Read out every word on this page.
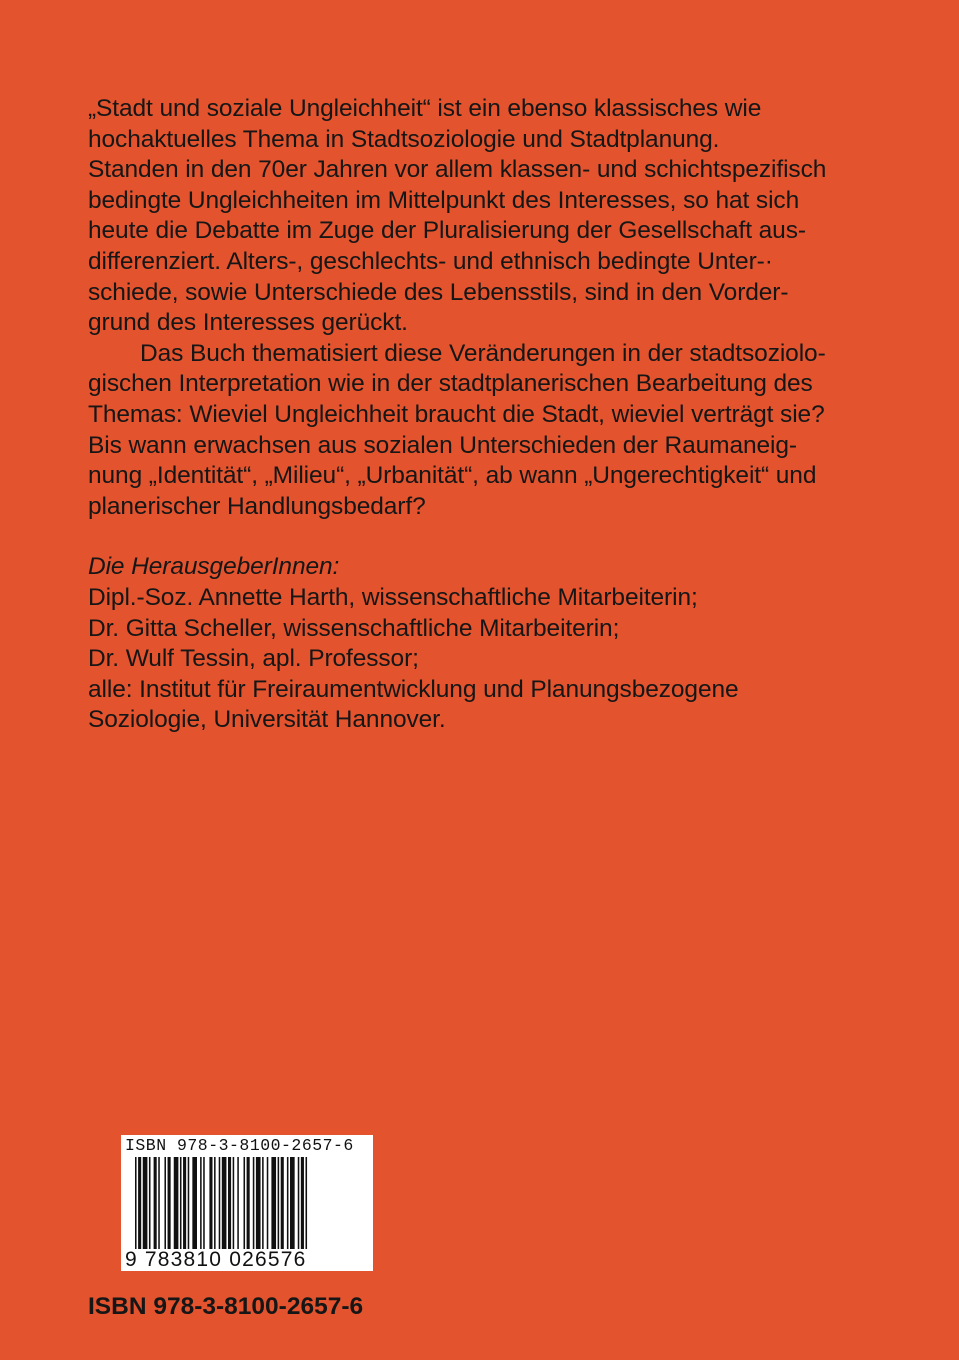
„Stadt und soziale Ungleichheit“ ist ein ebenso klassisches wie
hochaktuelles Thema in Stadtsoziologie und Stadtplanung.
Standen in den 70er Jahren vor allem klassen- und schichtspezifisch
bedingte Ungleichheiten im Mittelpunkt des Interesses, so hat sich
heute die Debatte im Zuge der Pluralisierung der Gesellschaft aus-
differenziert. Alters-, geschlechts- und ethnisch bedingte Unter-·
schiede, sowie Unterschiede des Lebensstils, sind in den Vorder-
grund des Interesses gerückt.
Das Buch thematisiert diese Veränderungen in der stadtsoziolo-
gischen Interpretation wie in der stadtplanerischen Bearbeitung des
Themas: Wieviel Ungleichheit braucht die Stadt, wieviel verträgt sie?
Bis wann erwachsen aus sozialen Unterschieden der Raumaneig-
nung „Identität“, „Milieu“, „Urbanität“, ab wann „Ungerechtigkeit“ und
planerischer Handlungsbedarf?
Die HerausgeberInnen:
Dipl.-Soz. Annette Harth, wissenschaftliche Mitarbeiterin;
Dr. Gitta Scheller, wissenschaftliche Mitarbeiterin;
Dr. Wulf Tessin, apl. Professor;
alle: Institut für Freiraumentwicklung und Planungsbezogene
Soziologie, Universität Hannover.
ISBN 978-3-8100-2657-6
9 783810 026576
ISBN 978-3-8100-2657-6
